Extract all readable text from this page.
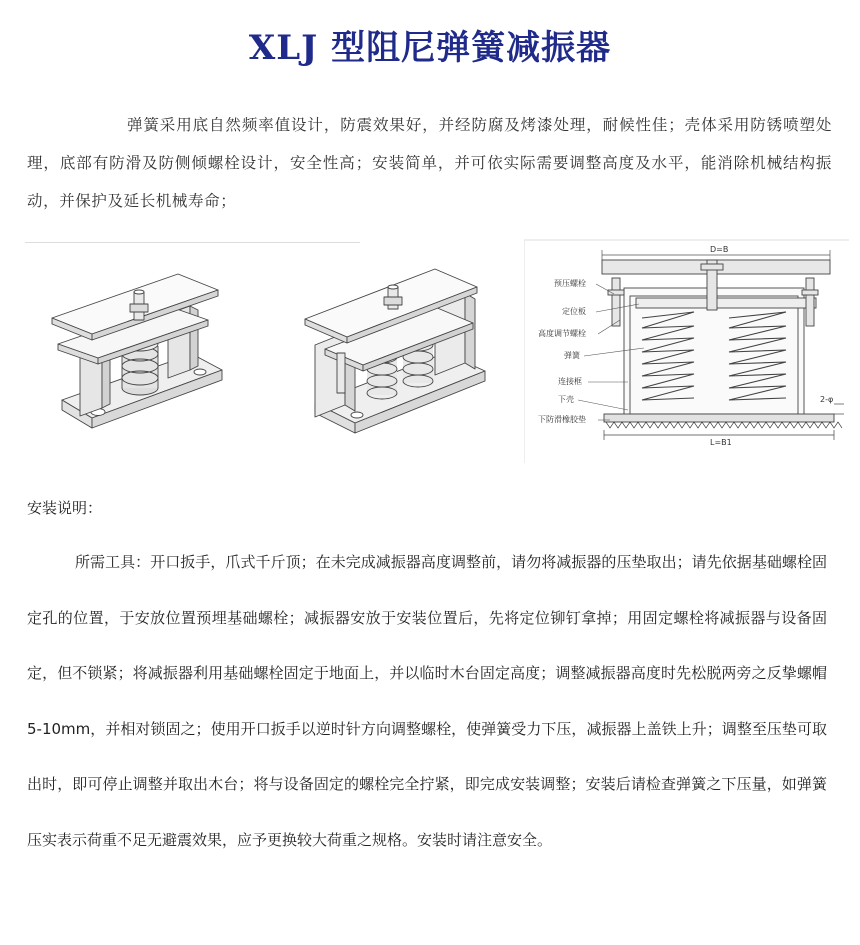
XLJ 型阻尼弹簧减振器
弹簧采用底自然频率值设计，防震效果好，并经防腐及烤漆处理，耐候性佳；壳体采用防锈喷塑处理，底部有防滑及防侧倾螺栓设计，安全性高；安装简单，并可依实际需要调整高度及水平，能消除机械结构振动，并保护及延长机械寿命；
D=B
L=B1
2-φ
预压螺栓
定位板
高度调节螺栓
弹簧
连接框
下壳
下防滑橡胶垫
安装说明：
所需工具：开口扳手，爪式千斤顶；在未完成减振器高度调整前，请勿将减振器的压垫取出；请先依据基础螺栓固定孔的位置，于安放位置预埋基础螺栓；减振器安放于安装位置后，先将定位铆钉拿掉；用固定螺栓将减振器与设备固定，但不锁紧；将减振器利用基础螺栓固定于地面上，并以临时木台固定高度；调整减振器高度时先松脱两旁之反挚螺帽 5-10mm，并相对锁固之；使用开口扳手以逆时针方向调整螺栓，使弹簧受力下压，减振器上盖铁上升；调整至压垫可取出时，即可停止调整并取出木台；将与设备固定的螺栓完全拧紧，即完成安装调整；安装后请检查弹簧之下压量，如弹簧压实表示荷重不足无避震效果，应予更换较大荷重之规格。安装时请注意安全。
